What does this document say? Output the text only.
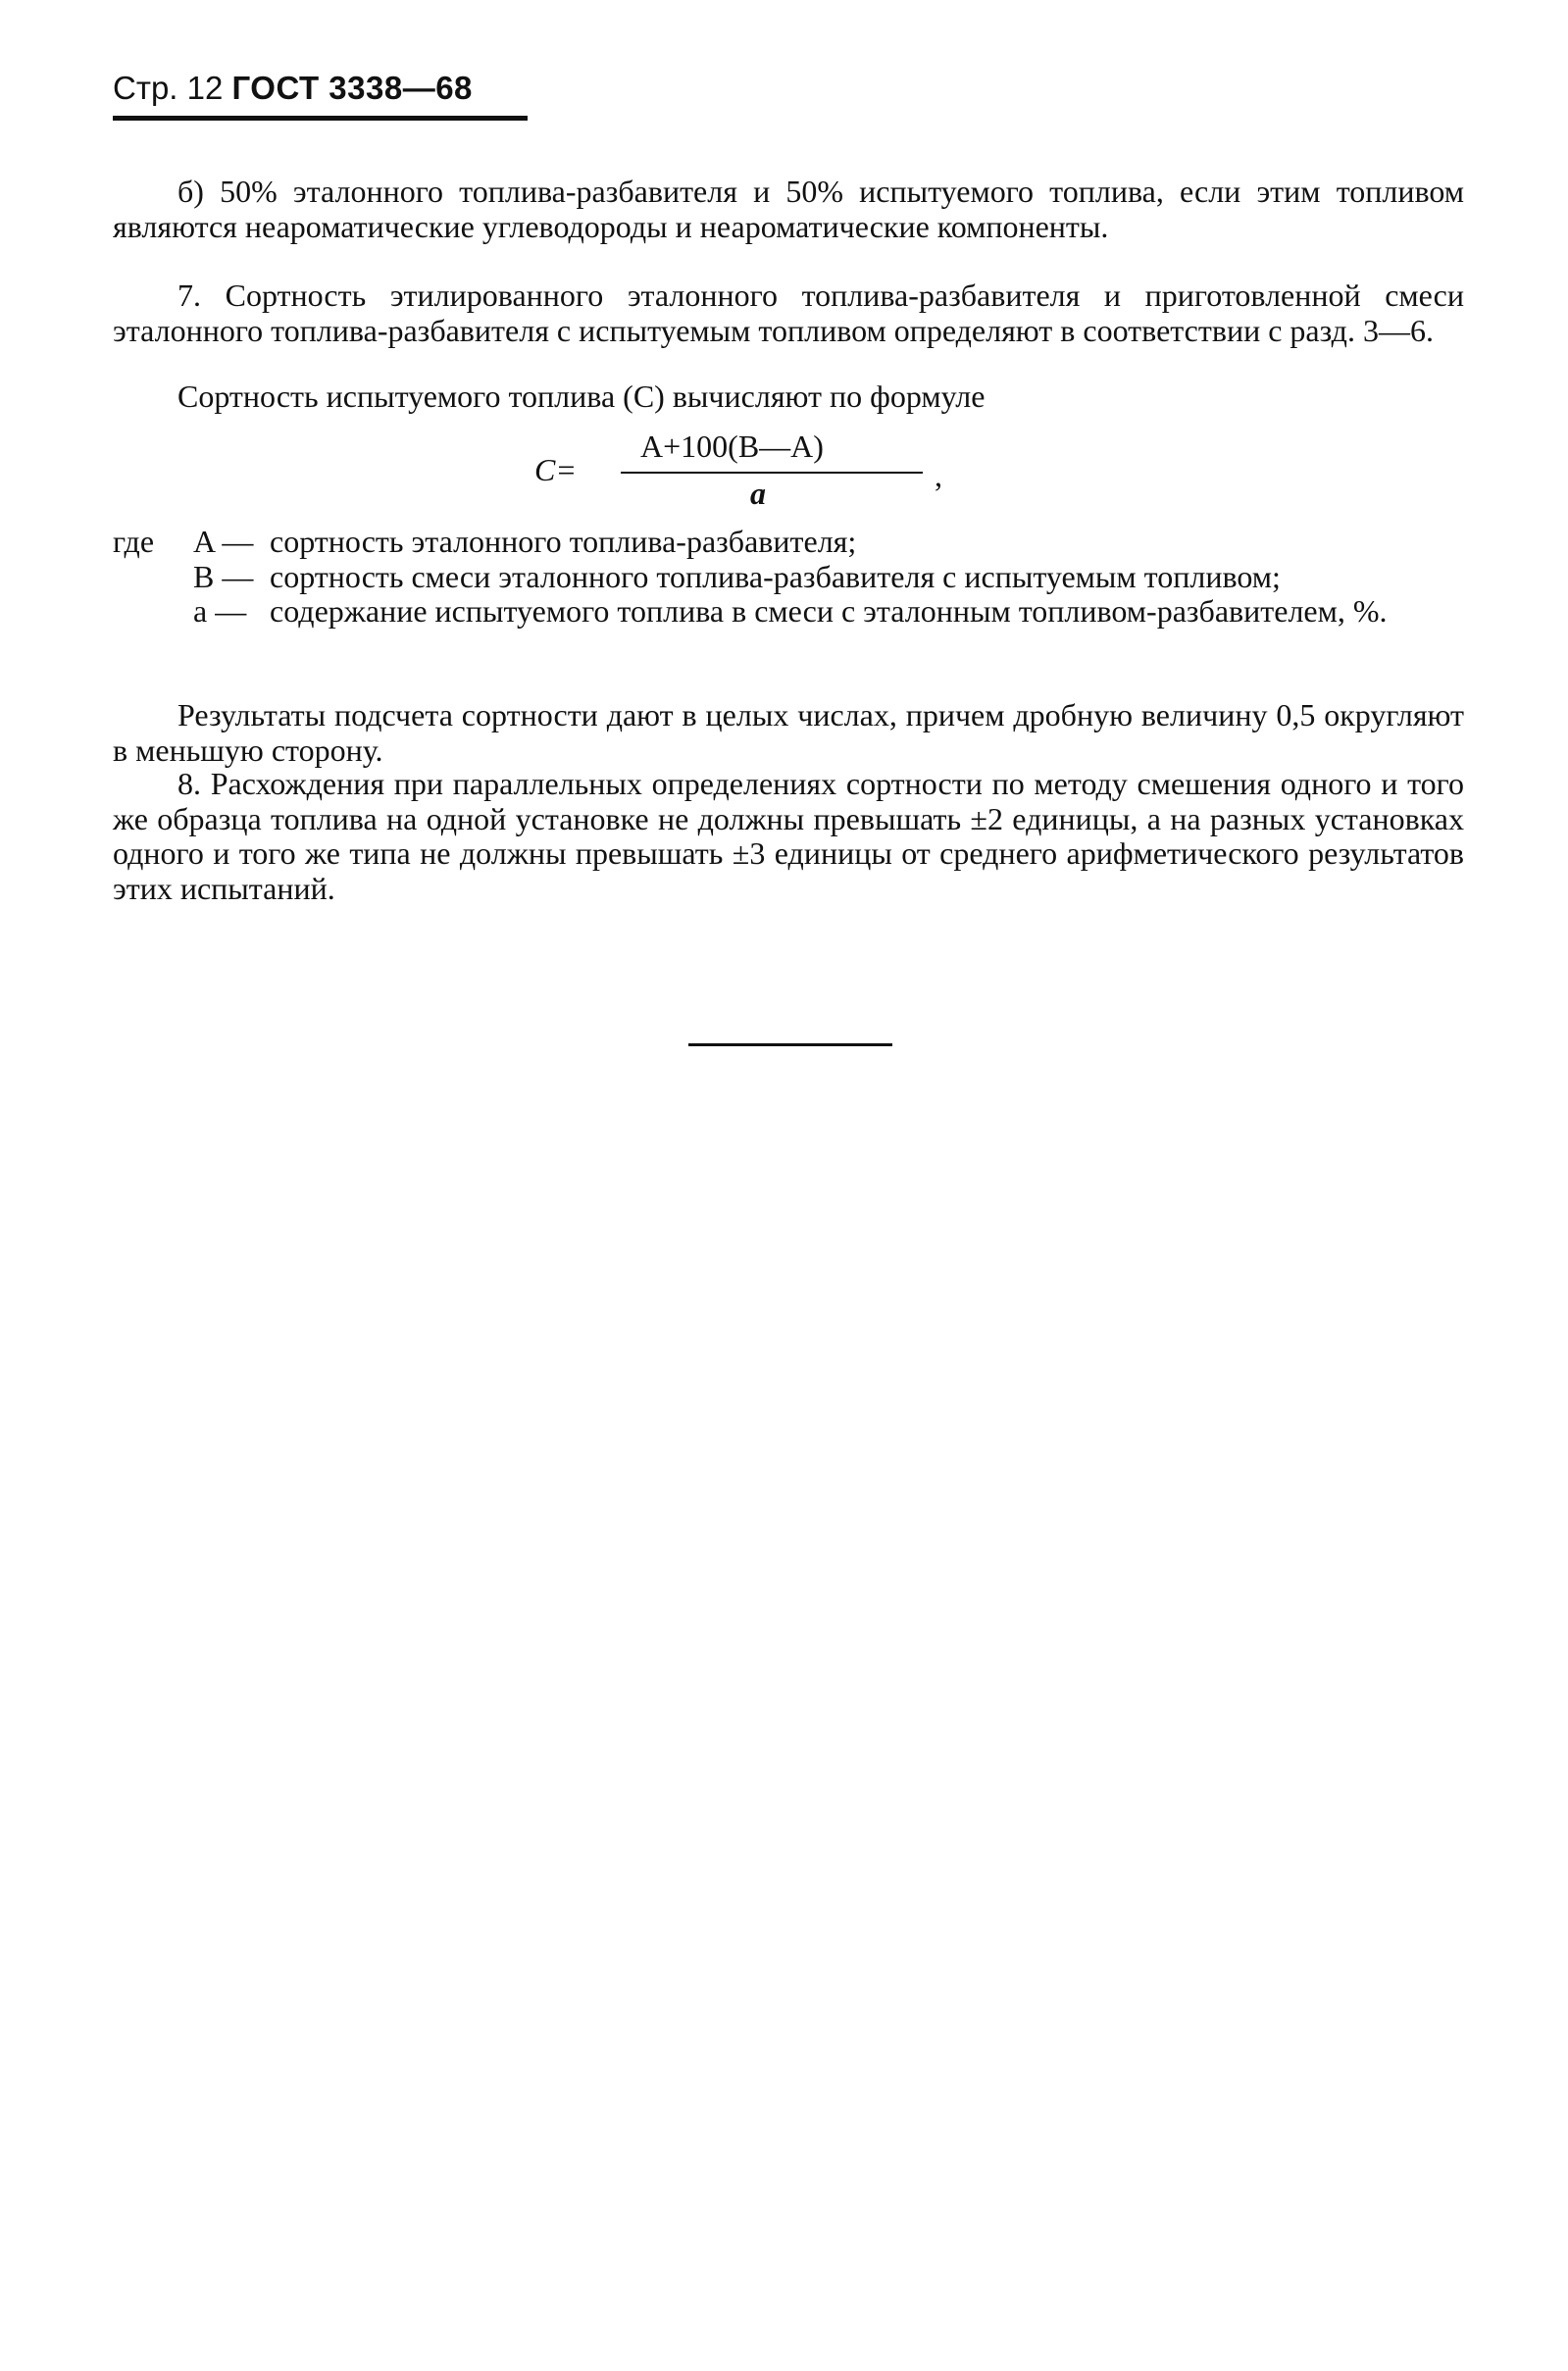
Стр. 12 ГОСТ 3338—68
б) 50% эталонного топлива-разбавителя и 50% испытуемого топлива, если этим топливом являются неароматические углеводороды и неароматические компоненты.
7. Сортность этилированного эталонного топлива-разбавителя и приготовленной смеси эталонного топлива-разбавителя с испытуемым топливом определяют в соответствии с разд. 3—6.
Сортность испытуемого топлива (С) вычисляют по формуле
C=
A+100(B—A)
a	,
где	A — сортность эталонного топлива-разбавителя;
B — сортность смеси эталонного топлива-разбавителя с испытуемым топливом;
a — содержание испытуемого топлива в смеси с эталонным топливом-разбавителем, %.
Результаты подсчета сортности дают в целых числах, причем дробную величину 0,5 округляют в меньшую сторону.
8. Расхождения при параллельных определениях сортности по методу смешения одного и того же образца топлива на одной установке не должны превышать ±2 единицы, а на разных установках одного и того же типа не должны превышать ±3 единицы от среднего арифметического результатов этих испытаний.
